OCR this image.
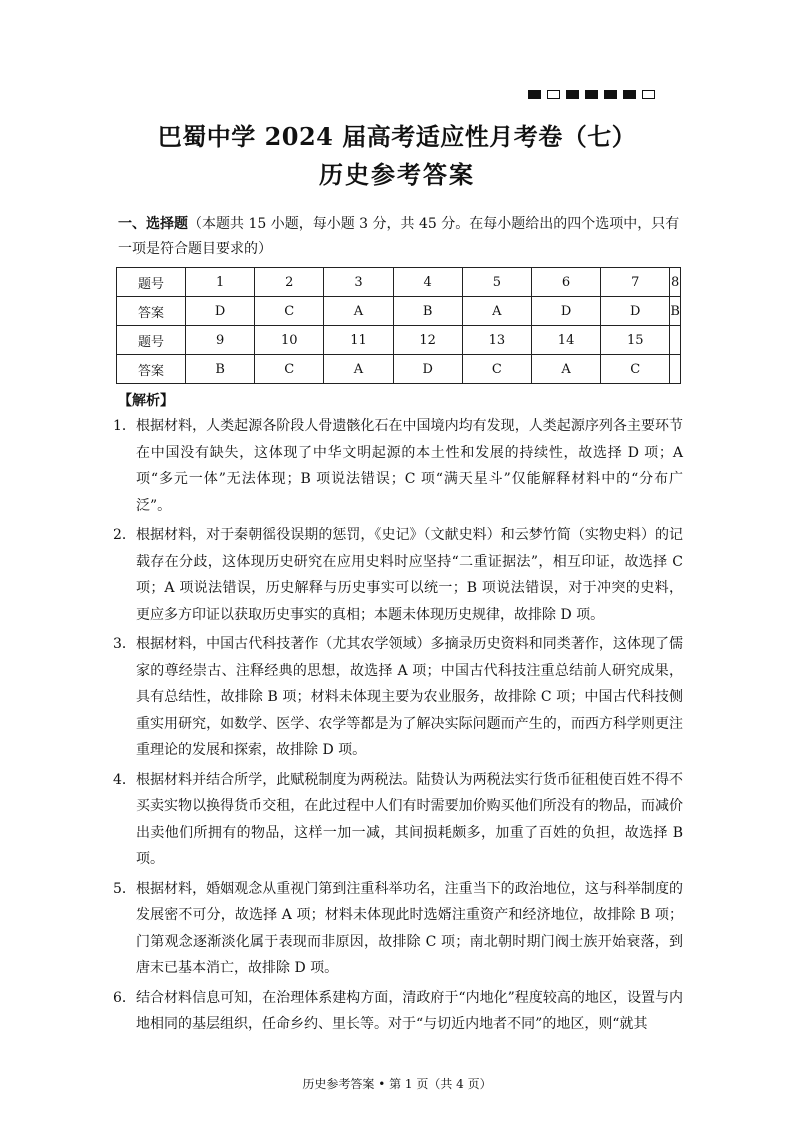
巴蜀中学 2024 届高考适应性月考卷（七）
历史参考答案
一、选择题（本题共 15 小题，每小题 3 分，共 45 分。在每小题给出的四个选项中，只有一项是符合题目要求的）
题号	1	2	3	4	5	6	7	8
答案	D	C	A	B	A	D	D	B
题号	9	10	11	12	13	14	15	
答案	B	C	A	D	C	A	C	
【解析】
1． 根据材料，人类起源各阶段人骨遗骸化石在中国境内均有发现，人类起源序列各主要环节在中国没有缺失，这体现了中华文明起源的本土性和发展的持续性，故选择 D 项；A 项“多元一体”无法体现；B 项说法错误；C 项“满天星斗”仅能解释材料中的“分布广泛”。
2． 根据材料，对于秦朝徭役误期的惩罚，《史记》（文献史料）和云梦竹简（实物史料）的记载存在分歧，这体现历史研究在应用史料时应坚持“二重证据法”，相互印证，故选择 C 项；A 项说法错误，历史解释与历史事实可以统一；B 项说法错误，对于冲突的史料，更应多方印证以获取历史事实的真相；本题未体现历史规律，故排除 D 项。
3． 根据材料，中国古代科技著作（尤其农学领域）多摘录历史资料和同类著作，这体现了儒家的尊经崇古、注释经典的思想，故选择 A 项；中国古代科技注重总结前人研究成果，具有总结性，故排除 B 项；材料未体现主要为农业服务，故排除 C 项；中国古代科技侧重实用研究，如数学、医学、农学等都是为了解决实际问题而产生的，而西方科学则更注重理论的发展和探索，故排除 D 项。
4． 根据材料并结合所学，此赋税制度为两税法。陆贽认为两税法实行货币征租使百姓不得不买卖实物以换得货币交租，在此过程中人们有时需要加价购买他们所没有的物品，而减价出卖他们所拥有的物品，这样一加一减，其间损耗颇多，加重了百姓的负担，故选择 B 项。
5． 根据材料，婚姻观念从重视门第到注重科举功名，注重当下的政治地位，这与科举制度的发展密不可分，故选择 A 项；材料未体现此时选婿注重资产和经济地位，故排除 B 项；门第观念逐渐淡化属于表现而非原因，故排除 C 项；南北朝时期门阀士族开始衰落，到唐末已基本消亡，故排除 D 项。
6． 结合材料信息可知，在治理体系建构方面，清政府于“内地化”程度较高的地区，设置与内地相同的基层组织，任命乡约、里长等。对于“与切近内地者不同”的地区，则“就其
历史参考答案 • 第 1 页（共 4 页）
